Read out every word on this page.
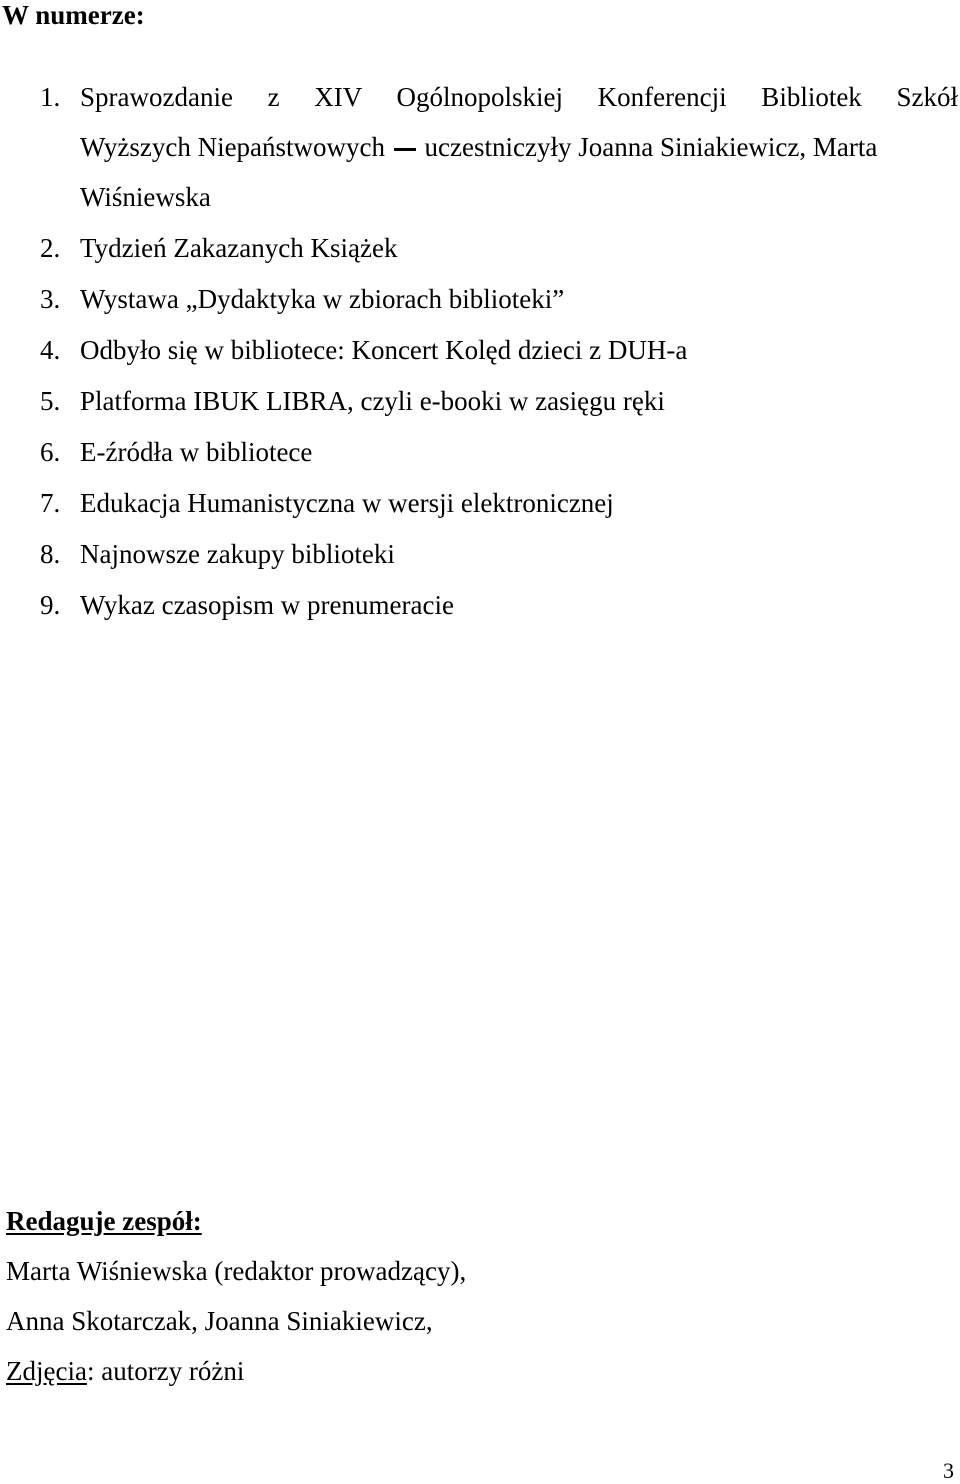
W numerze:
1. Sprawozdanie z XIV Ogólnopolskiej Konferencji Bibliotek Szkół
Wyższych Niepaństwowych uczestniczyły Joanna Siniakiewicz, Marta
Wiśniewska
2. Tydzień Zakazanych Książek
3. Wystawa „Dydaktyka w zbiorach biblioteki”
4. Odbyło się w bibliotece: Koncert Kolęd dzieci z DUH-a
5. Platforma IBUK LIBRA, czyli e-booki w zasięgu ręki
6. E-źródła w bibliotece
7. Edukacja Humanistyczna w wersji elektronicznej
8. Najnowsze zakupy biblioteki
9. Wykaz czasopism w prenumeracie
Redaguje zespół:
Marta Wiśniewska (redaktor prowadzący),
Anna Skotarczak, Joanna Siniakiewicz,
Zdjęcia: autorzy różni
3
